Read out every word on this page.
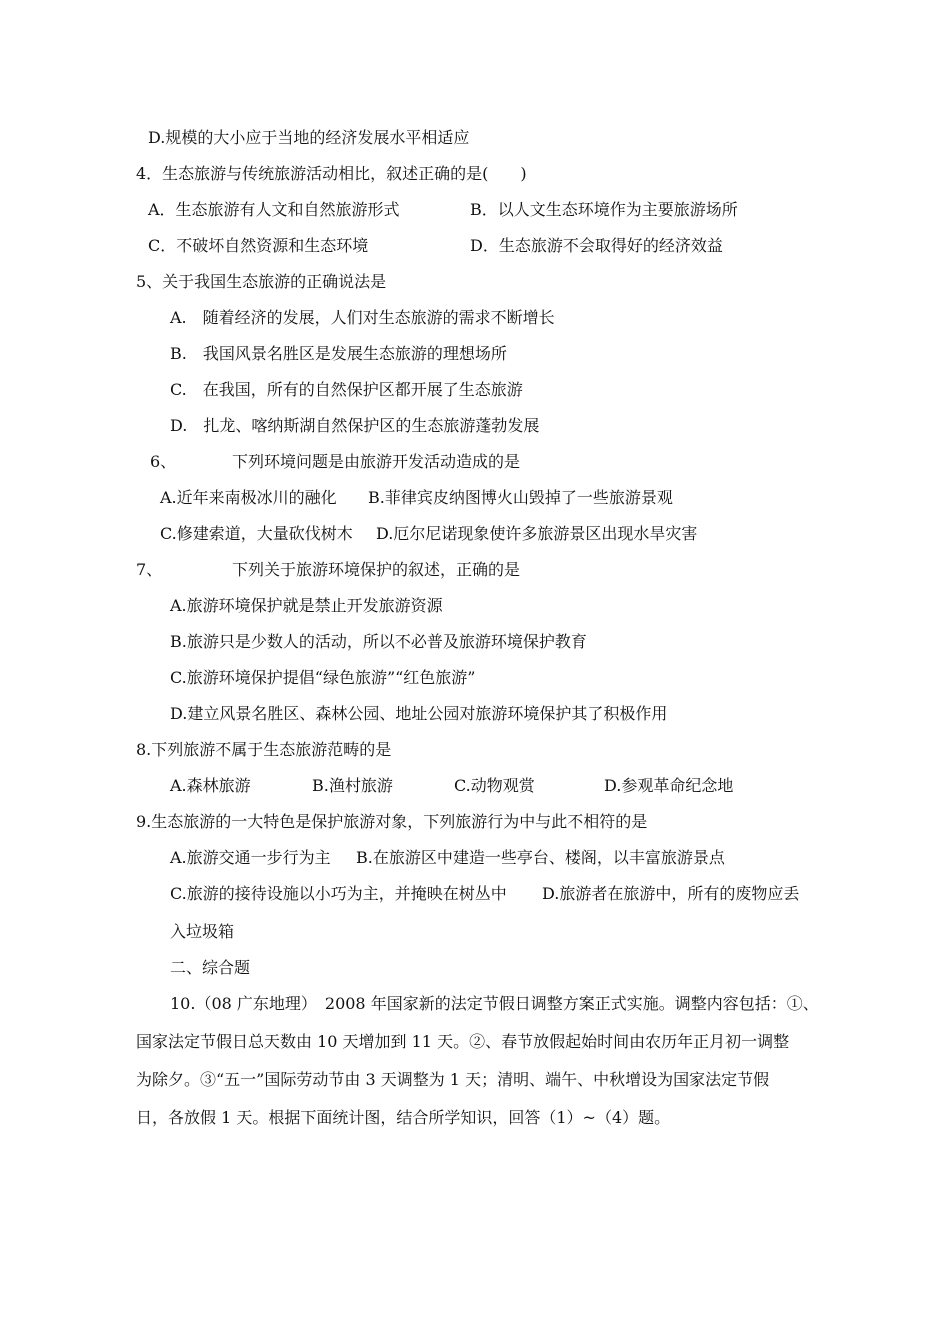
D.规模的大小应于当地的经济发展水平相适应
4．生态旅游与传统旅游活动相比，叙述正确的是(　　)
A．生态旅游有人文和自然旅游形式	B．以人文生态环境作为主要旅游场所
C．不破坏自然资源和生态环境	D．生态旅游不会取得好的经济效益
5、关于我国生态旅游的正确说法是
A.　随着经济的发展，人们对生态旅游的需求不断增长
B.　我国风景名胜区是发展生态旅游的理想场所
C.　在我国，所有的自然保护区都开展了生态旅游
D.　扎龙、喀纳斯湖自然保护区的生态旅游蓬勃发展
6、	下列环境问题是由旅游开发活动造成的是
A.近年来南极冰川的融化 B.菲律宾皮纳图博火山毁掉了一些旅游景观
C.修建索道，大量砍伐树木 D.厄尔尼诺现象使许多旅游景区出现水旱灾害
7、	下列关于旅游环境保护的叙述，正确的是
A.旅游环境保护就是禁止开发旅游资源
B.旅游只是少数人的活动，所以不必普及旅游环境保护教育
C.旅游环境保护提倡“绿色旅游”“红色旅游”
D.建立风景名胜区、森林公园、地址公园对旅游环境保护其了积极作用
8.下列旅游不属于生态旅游范畴的是
A.森林旅游	B.渔村旅游	C.动物观赏	D.参观革命纪念地
9.生态旅游的一大特色是保护旅游对象，下列旅游行为中与此不相符的是
A.旅游交通一步行为主 B.在旅游区中建造一些亭台、楼阁，以丰富旅游景点
C.旅游的接待设施以小巧为主，并掩映在树丛中 D.旅游者在旅游中，所有的废物应丢
入垃圾箱
二、综合题
10.（08 广东地理）　2008 年国家新的法定节假日调整方案正式实施。调整内容包括：①、
国家法定节假日总天数由 10 天增加到 11 天。②、春节放假起始时间由农历年正月初一调整
为除夕。③“五一”国际劳动节由 3 天调整为 1 天；清明、端午、中秋增设为国家法定节假
日，各放假 1 天。根据下面统计图，结合所学知识，回答（1）~（4）题。
